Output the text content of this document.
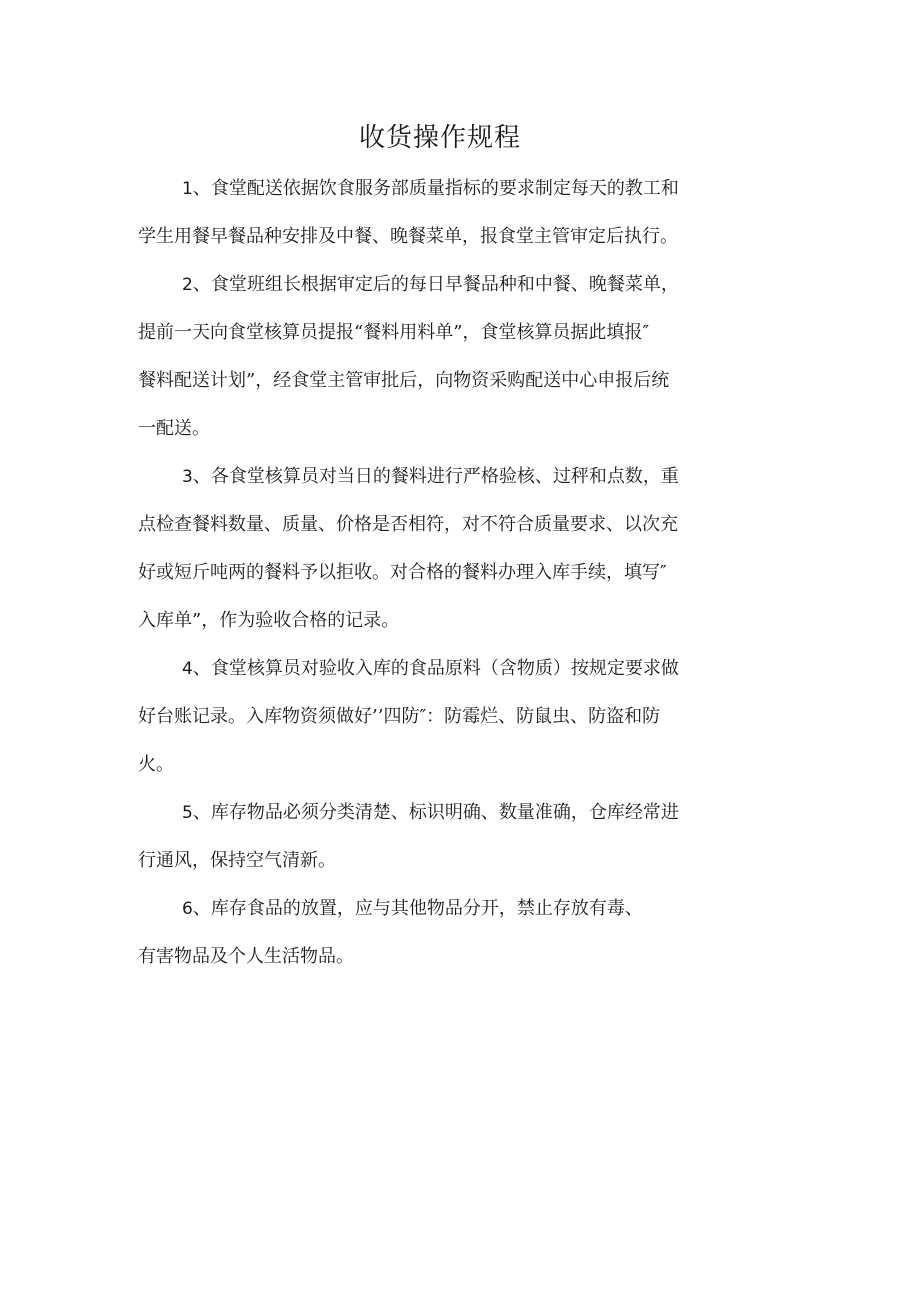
收货操作规程
1、食堂配送依据饮食服务部质量指标的要求制定每天的教工和
学生用餐早餐品种安排及中餐、晚餐菜单，报食堂主管审定后执行。
2、食堂班组长根据审定后的每日早餐品种和中餐、晚餐菜单，
提前一天向食堂核算员提报“餐料用料单”，食堂核算员据此填报″
餐料配送计划”，经食堂主管审批后，向物资采购配送中心申报后统
一配送。
3、各食堂核算员对当日的餐料进行严格验核、过秤和点数，重
点检查餐料数量、质量、价格是否相符，对不符合质量要求、以次充
好或短斤吨两的餐料予以拒收。对合格的餐料办理入库手续，填写″
入库单”，作为验收合格的记录。
4、食堂核算员对验收入库的食品原料（含物质）按规定要求做
好台账记录。入库物资须做好’’四防″：防霉烂、防鼠虫、防盗和防
火。
5、库存物品必须分类清楚、标识明确、数量准确，仓库经常进
行通风，保持空气清新。
6、库存食品的放置，应与其他物品分开，禁止存放有毒、
有害物品及个人生活物品。
